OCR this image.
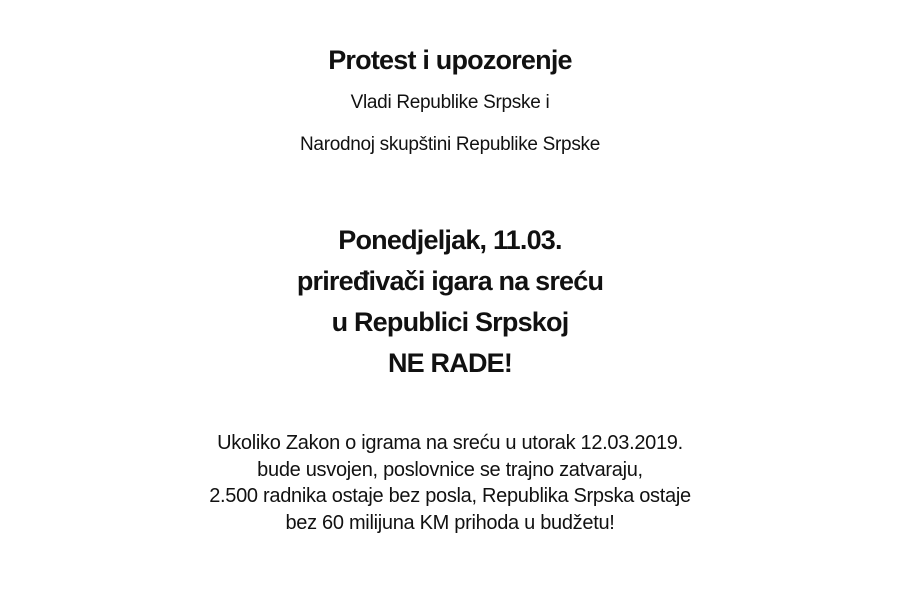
Protest i upozorenje
Vladi Republike Srpske i
Narodnoj skupštini Republike Srpske
Ponedjeljak, 11.03.
priređivači igara na sreću
u Republici Srpskoj
NE RADE!
Ukoliko Zakon o igrama na sreću u utorak 12.03.2019.
bude usvojen, poslovnice se trajno zatvaraju,
2.500 radnika ostaje bez posla, Republika Srpska ostaje
bez 60 milijuna KM prihoda u budžetu!
